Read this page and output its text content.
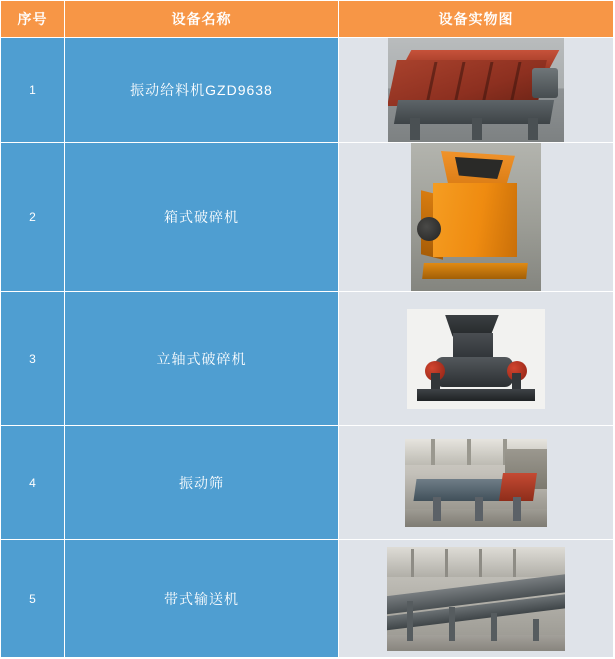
序号	设备名称	设备实物图
1	振动给料机GZD9638	

2	箱式破碎机	

3	立轴式破碎机	

4	振动筛	

5	带式输送机	
